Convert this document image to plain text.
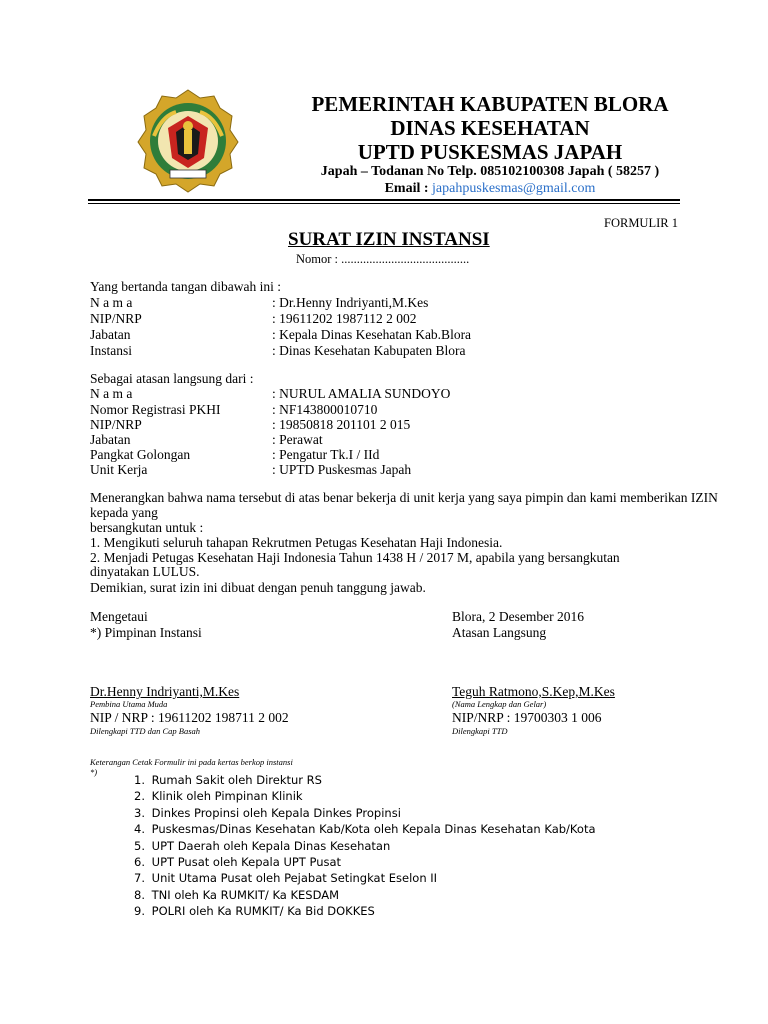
PEMERINTAH KABUPATEN BLORA
DINAS KESEHATAN
UPTD PUSKESMAS JAPAH
Japah – Todanan No Telp. 085102100308 Japah ( 58257 )
Email : japahpuskesmas@gmail.com
FORMULIR 1
SURAT IZIN INSTANSI
Nomor : .........................................
Yang bertanda tangan dibawah ini :
N a m a	: Dr.Henny Indriyanti,M.Kes
NIP/NRP	: 19611202 1987112 2 002
Jabatan	: Kepala Dinas Kesehatan Kab.Blora
Instansi	: Dinas Kesehatan Kabupaten Blora
Sebagai atasan langsung dari :
N a m a	: NURUL AMALIA SUNDOYO
Nomor Registrasi PKHI	: NF143800010710
NIP/NRP	: 19850818 201101 2 015
Jabatan	: Perawat
Pangkat Golongan	: Pengatur Tk.I / IId
Unit Kerja	: UPTD Puskesmas Japah
Menerangkan bahwa nama tersebut di atas benar bekerja di unit kerja yang saya pimpin dan kami memberikan IZIN
kepada yang
bersangkutan untuk :
1. Mengikuti seluruh tahapan Rekrutmen Petugas Kesehatan Haji Indonesia.
2. Menjadi Petugas Kesehatan Haji Indonesia Tahun 1438 H / 2017 M, apabila yang bersangkutan
dinyatakan LULUS.
Demikian, surat izin ini dibuat dengan penuh tanggung jawab.
Mengetaui
*) Pimpinan Instansi
Blora, 2 Desember 2016
Atasan Langsung
Dr.Henny Indriyanti,M.Kes
Pembina Utama Muda
NIP / NRP : 19611202 198711 2 002
Dilengkapi TTD dan Cap Basah
Teguh Ratmono,S.Kep,M.Kes
(Nama Lengkap dan Gelar)
NIP/NRP : 19700303 1 006
Dilengkapi TTD
Keterangan Cetak Formulir ini pada kertas berkop instansi
*)
1. Rumah Sakit oleh Direktur RS
2. Klinik oleh Pimpinan Klinik
3. Dinkes Propinsi oleh Kepala Dinkes Propinsi
4. Puskesmas/Dinas Kesehatan Kab/Kota oleh Kepala Dinas Kesehatan Kab/Kota
5. UPT Daerah oleh Kepala Dinas Kesehatan
6. UPT Pusat oleh Kepala UPT Pusat
7. Unit Utama Pusat oleh Pejabat Setingkat Eselon II
8. TNI oleh Ka RUMKIT/ Ka KESDAM
9. POLRI oleh Ka RUMKIT/ Ka Bid DOKKES
